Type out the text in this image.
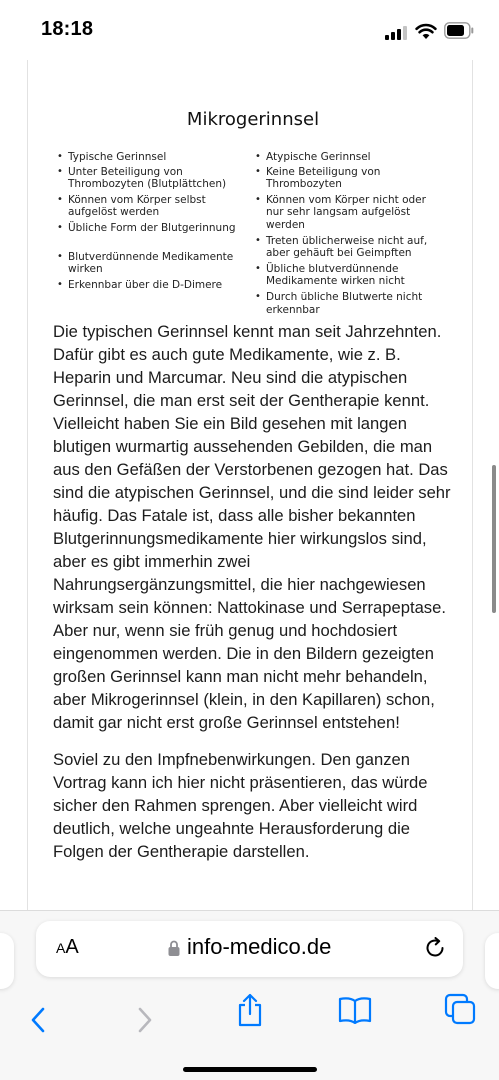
18:18
Mikrogerinnsel
• Typische Gerinnsel
• Unter Beteiligung von Thrombozyten (Blutplättchen)
• Können vom Körper selbst aufgelöst werden
• Übliche Form der Blutgerinnung
• Blutverdünnende Medikamente wirken
• Erkennbar über die D-Dimere
• Atypische Gerinnsel
• Keine Beteiligung von Thrombozyten
• Können vom Körper nicht oder nur sehr langsam aufgelöst werden
• Treten üblicherweise nicht auf, aber gehäuft bei Geimpften
• Übliche blutverdünnende Medikamente wirken nicht
• Durch übliche Blutwerte nicht erkennbar

Die typischen Gerinnsel kennt man seit Jahrzehnten. Dafür gibt es auch gute Medikamente, wie z. B. Heparin und Marcumar. Neu sind die atypischen Gerinnsel, die man erst seit der Gentherapie kennt. Vielleicht haben Sie ein Bild gesehen mit langen blutigen wurmartig aussehenden Gebilden, die man aus den Gefäßen der Verstorbenen gezogen hat. Das sind die atypischen Gerinnsel, und die sind leider sehr häufig. Das Fatale ist, dass alle bisher bekannten Blutgerinnungsmedikamente hier wirkungslos sind, aber es gibt immerhin zwei Nahrungsergänzungsmittel, die hier nachgewiesen wirksam sein können: Nattokinase und Serrapeptase. Aber nur, wenn sie früh genug und hochdosiert eingenommen werden. Die in den Bildern gezeigten großen Gerinnsel kann man nicht mehr behandeln, aber Mikrogerinnsel (klein, in den Kapillaren) schon, damit gar nicht erst große Gerinnsel entstehen!

Soviel zu den Impfnebenwirkungen. Den ganzen Vortrag kann ich hier nicht präsentieren, das würde sicher den Rahmen sprengen. Aber vielleicht wird deutlich, welche ungeahnte Herausforderung die Folgen der Gentherapie darstellen.

AA	info-medico.de
